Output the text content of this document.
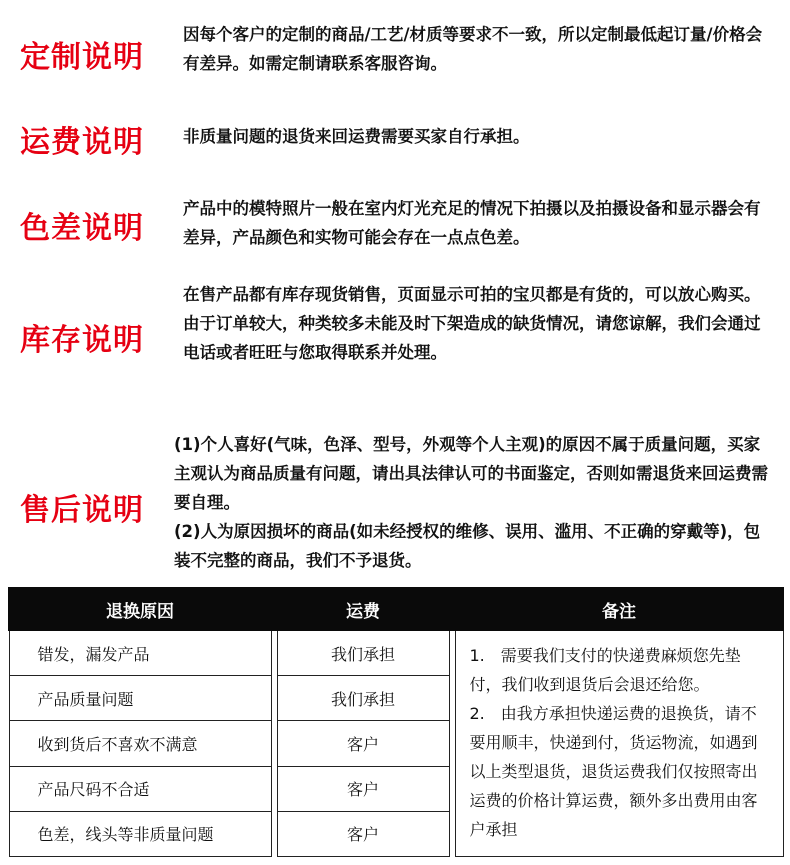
定制说明

因每个客户的定制的商品/工艺/材质等要求不一致，所以定制最低起订量/价格会有差异。如需定制请联系客服咨询。

运费说明 非质量问题的退货来回运费需要买家自行承担。

色差说明

产品中的模特照片一般在室内灯光充足的情况下拍摄以及拍摄设备和显示器会有差异，产品颜色和实物可能会存在一点点色差。

库存说明

在售产品都有库存现货销售，页面显示可拍的宝贝都是有货的，可以放心购买。

由于订单较大，种类较多未能及时下架造成的缺货情况，请您谅解，我们会通过电话或者旺旺与您取得联系并处理。

售后说明

(1)个人喜好(气味，色泽、型号，外观等个人主观)的原因不属于质量问题，买家主观认为商品质量有问题，请出具法律认可的书面鉴定，否则如需退货来回运费需要自理。

(2)人为原因损坏的商品(如未经授权的维修、误用、滥用、不正确的穿戴等)，包装不完整的商品，我们不予退货。

退换原因		运费		备注
错发，漏发产品		我们承担		1.　需要我们支付的快递费麻烦您先垫付，我们收到退货后会退还给您。

2.　由我方承担快递运费的退换货，请不要用顺丰，快递到付，货运物流，如遇到以上类型退货，退货运费我们仅按照寄出运费的价格计算运费，额外多出费用由客户承担

产品质量问题		我们承担		
收到货后不喜欢不满意		客户		
产品尺码不合适		客户		
色差，线头等非质量问题		客户		
